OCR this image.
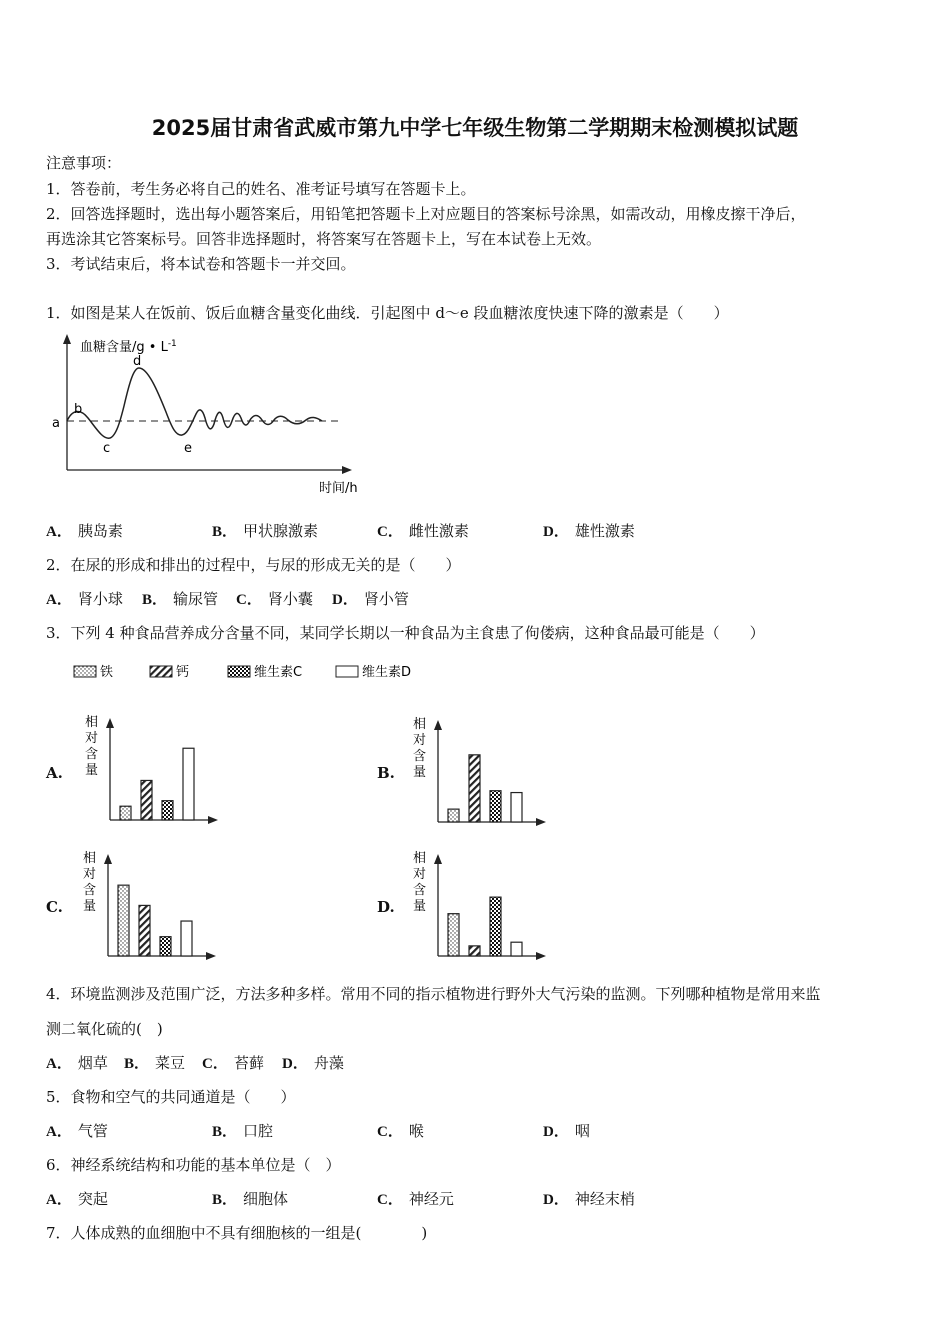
2025届甘肃省武威市第九中学七年级生物第二学期期末检测模拟试题
注意事项：
1．答卷前，考生务必将自己的姓名、准考证号填写在答题卡上。
2．回答选择题时，选出每小题答案后，用铅笔把答题卡上对应题目的答案标号涂黑，如需改动，用橡皮擦干净后，
再选涂其它答案标号。回答非选择题时，将答案写在答题卡上，写在本试卷上无效。
3．考试结束后，将本试卷和答题卡一并交回。
1．如图是某人在饭前、饭后血糖含量变化曲线．引起图中 d～e 段血糖浓度快速下降的激素是（　　）
血糖含量/g • $L^{-1}$
时间/h
a
b
c
d
e
A． 胰岛素	B． 甲状腺激素	C． 雌性激素	D． 雄性激素
2．在尿的形成和排出的过程中，与尿的形成无关的是（　　）
A． 肾小球 B． 输尿管 C． 肾小囊 D． 肾小管
3．下列 4 种食品营养成分含量不同，某同学长期以一种食品为主食患了佝偻病，这种食品最可能是（　　）
铁	钙	维生素C	维生素D
A.
相
对
含
量	B.
相
对
含
量
C.
相
对
含
量	D.
相
对
含
量
4．环境监测涉及范围广泛，方法多种多样。常用不同的指示植物进行野外大气污染的监测。下列哪种植物是常用来监
测二氧化硫的(　)
A． 烟草 B． 菜豆 C． 苔藓 D． 舟藻
5．食物和空气的共同通道是（　　）
A． 气管	B． 口腔	C． 喉	D． 咽
6．神经系统结构和功能的基本单位是（　）
A． 突起	B． 细胞体	C． 神经元	D． 神经末梢
7．人体成熟的血细胞中不具有细胞核的一组是(　　　　)
